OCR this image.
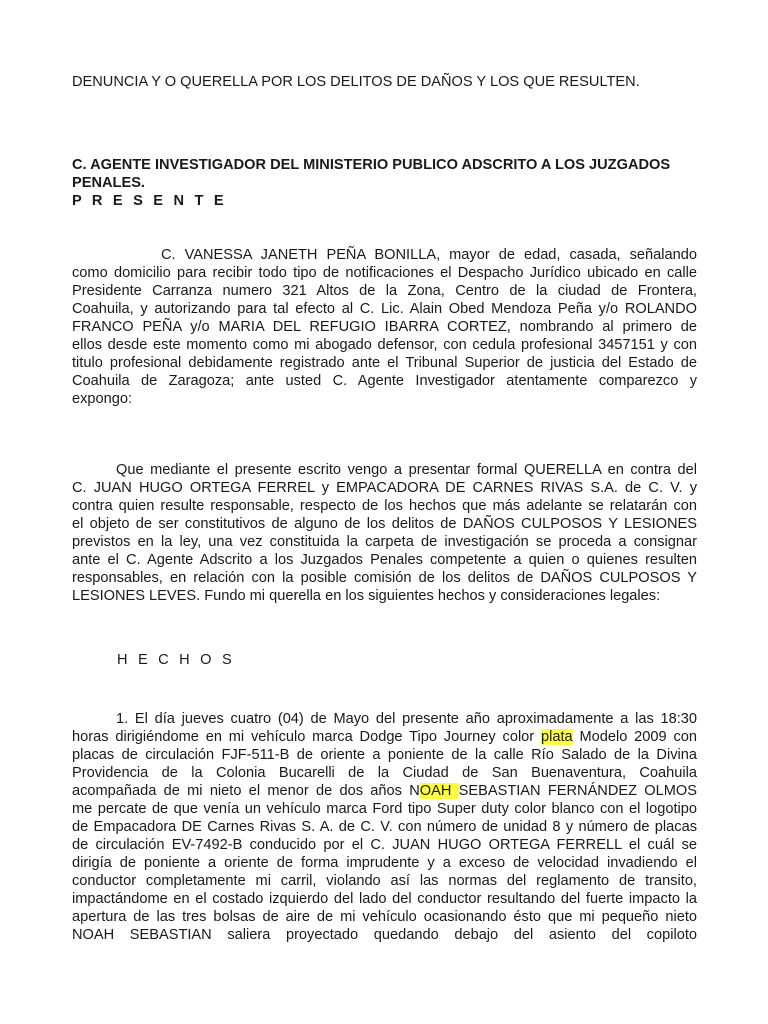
DENUNCIA Y O QUERELLA POR LOS DELITOS DE DAÑOS Y LOS QUE RESULTEN.
C. AGENTE INVESTIGADOR DEL MINISTERIO PUBLICO ADSCRITO A LOS JUZGADOS
PENALES.
P R E S E N T E
C. VANESSA JANETH PEÑA BONILLA, mayor de edad, casada, señalando
como domicilio para recibir todo tipo de notificaciones el Despacho Jurídico ubicado en calle
Presidente Carranza numero 321 Altos de la Zona, Centro de la ciudad de Frontera,
Coahuila, y autorizando para tal efecto al C. Lic. Alain Obed Mendoza Peña y/o ROLANDO
FRANCO PEÑA y/o MARIA DEL REFUGIO IBARRA CORTEZ, nombrando al primero de
ellos desde este momento como mi abogado defensor, con cedula profesional 3457151 y con
titulo profesional debidamente registrado ante el Tribunal Superior de justicia del Estado de
Coahuila de Zaragoza; ante usted C. Agente Investigador atentamente comparezco y
expongo:
Que mediante el presente escrito vengo a presentar formal QUERELLA en contra del
C. JUAN HUGO ORTEGA FERREL y EMPACADORA DE CARNES RIVAS S.A. de C. V. y
contra quien resulte responsable, respecto de los hechos que más adelante se relatarán con
el objeto de ser constitutivos de alguno de los delitos de DAÑOS CULPOSOS Y LESIONES
previstos en la ley, una vez constituida la carpeta de investigación se proceda a consignar
ante el C. Agente Adscrito a los Juzgados Penales competente a quien o quienes resulten
responsables, en relación con la posible comisión de los delitos de DAÑOS CULPOSOS Y
LESIONES LEVES. Fundo mi querella en los siguientes hechos y consideraciones legales:
H E C H O S
1. El día jueves cuatro (04) de Mayo del presente año aproximadamente a las 18:30
horas dirigiéndome en mi vehículo marca Dodge Tipo Journey color plata Modelo 2009 con
placas de circulación FJF-511-B de oriente a poniente de la calle Río Salado de la Divina
Providencia de la Colonia Bucarelli de la Ciudad de San Buenaventura, Coahuila
acompañada de mi nieto el menor de dos años NOAH SEBASTIAN FERNÁNDEZ OLMOS
me percate de que venía un vehículo marca Ford tipo Super duty color blanco con el logotipo
de Empacadora DE Carnes Rivas S. A. de C. V. con número de unidad 8 y número de placas
de circulación EV-7492-B conducido por el C. JUAN HUGO ORTEGA FERRELL el cuál se
dirigía de poniente a oriente de forma imprudente y a exceso de velocidad invadiendo el
conductor completamente mi carril, violando así las normas del reglamento de transito,
impactándome en el costado izquierdo del lado del conductor resultando del fuerte impacto la
apertura de las tres bolsas de aire de mi vehículo ocasionando ésto que mi pequeño nieto
NOAH SEBASTIAN saliera proyectado quedando debajo del asiento del copiloto
